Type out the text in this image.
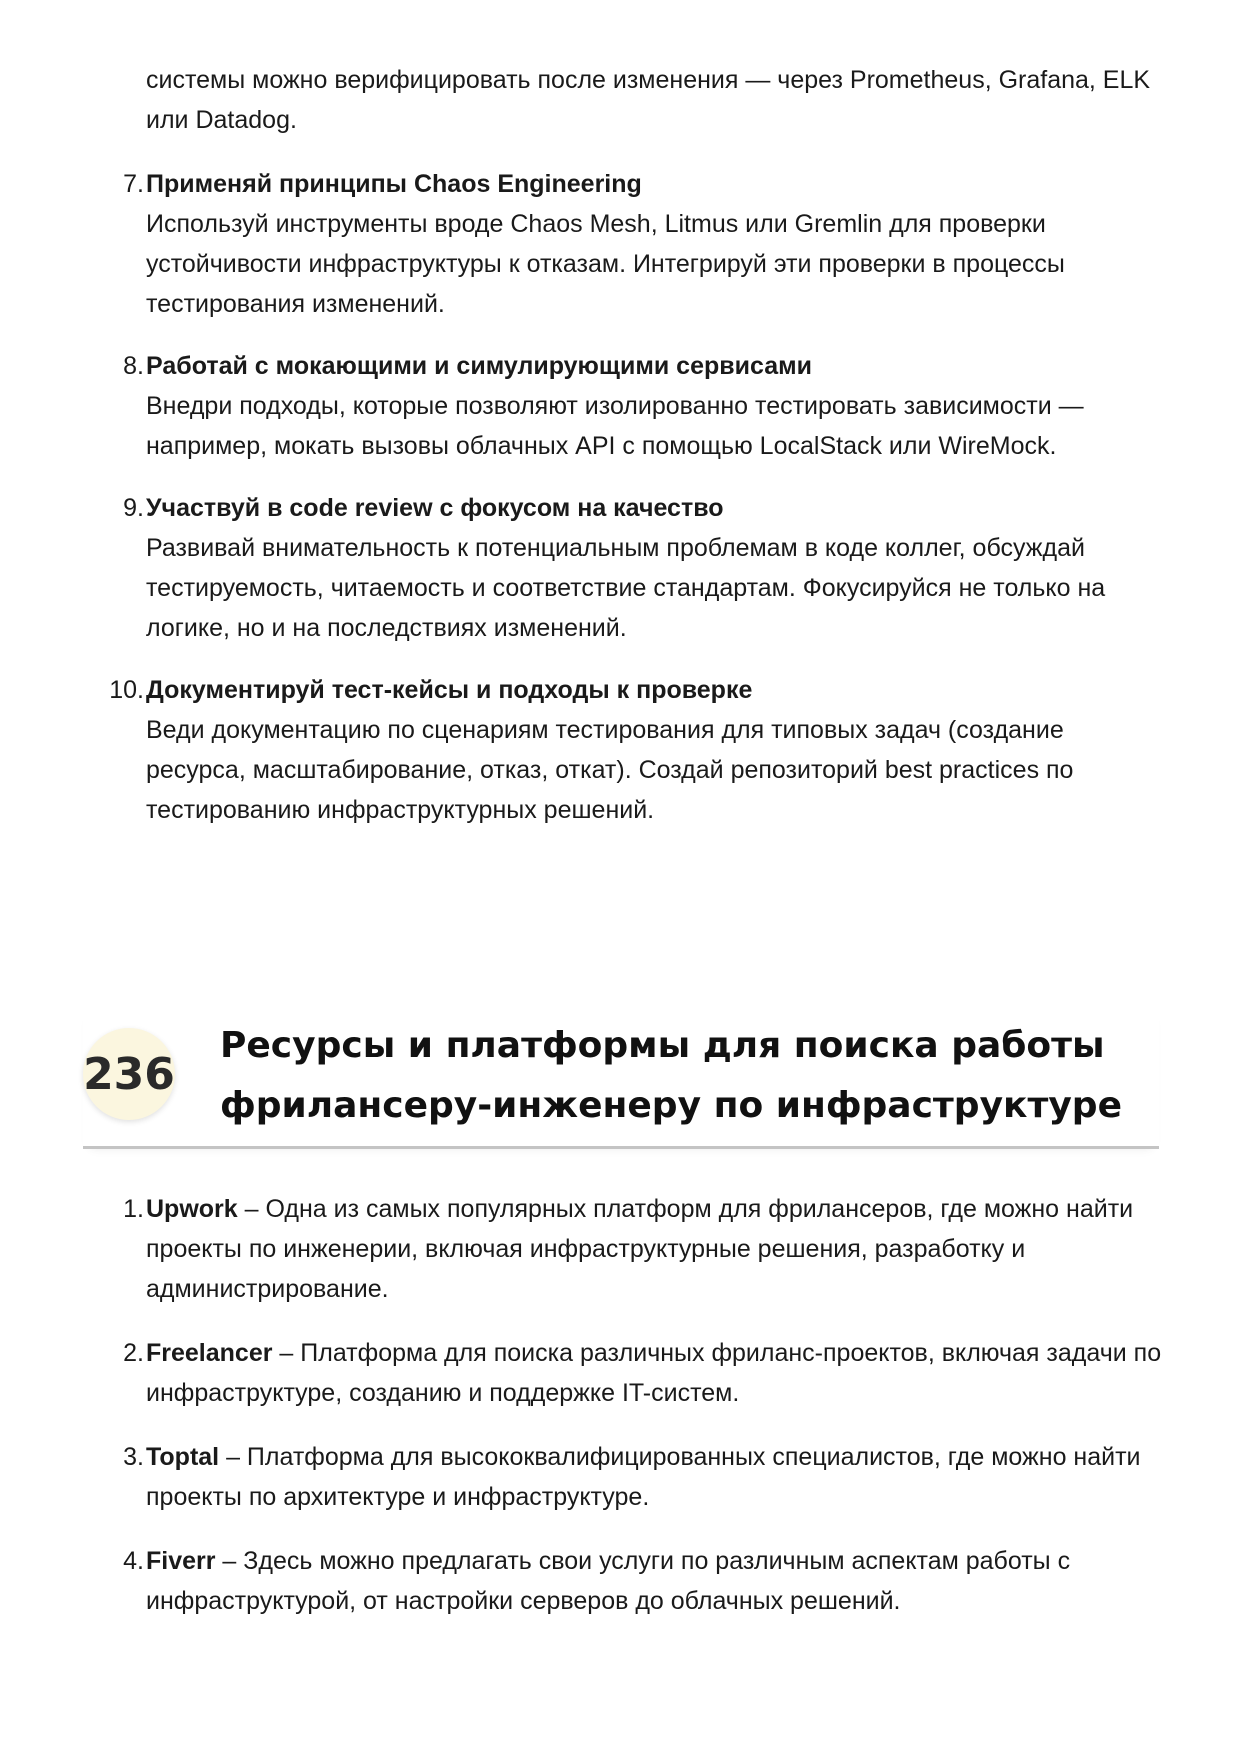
системы можно верифицировать после изменения — через Prometheus, Grafana, ELK или Datadog.

7. Применяй принципы Chaos Engineering
Используй инструменты вроде Chaos Mesh, Litmus или Gremlin для проверки устойчивости инфраструктуры к отказам. Интегрируй эти проверки в процессы тестирования изменений.
8. Работай с мокающими и симулирующими сервисами
Внедри подходы, которые позволяют изолированно тестировать зависимости — например, мокать вызовы облачных API с помощью LocalStack или WireMock.
9. Участвуй в code review с фокусом на качество
Развивай внимательность к потенциальным проблемам в коде коллег, обсуждай тестируемость, читаемость и соответствие стандартам. Фокусируйся не только на логике, но и на последствиях изменений.
10. Документируй тест-кейсы и подходы к проверке
Веди документацию по сценариям тестирования для типовых задач (создание ресурса, масштабирование, отказ, откат). Создай репозиторий best practices по тестированию инфраструктурных решений.
236
Ресурсы и платформы для поиска работы фрилансеру-инженеру по инфраструктуре
1. Upwork – Одна из самых популярных платформ для фрилансеров, где можно найти проекты по инженерии, включая инфраструктурные решения, разработку и администрирование.
2. Freelancer – Платформа для поиска различных фриланс-проектов, включая задачи по инфраструктуре, созданию и поддержке IT-систем.
3. Toptal – Платформа для высококвалифицированных специалистов, где можно найти проекты по архитектуре и инфраструктуре.
4. Fiverr – Здесь можно предлагать свои услуги по различным аспектам работы с инфраструктурой, от настройки серверов до облачных решений.
